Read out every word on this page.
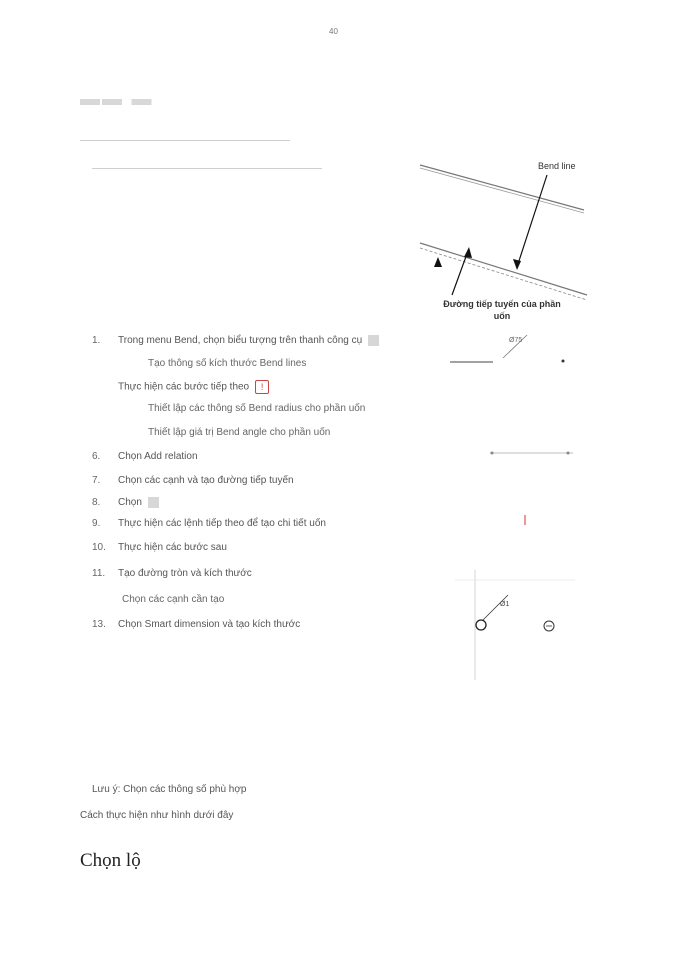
40
▬▬ ▬
Bend line
Đường tiếp tuyến của phần
uốn
1. Trong menu Bend, chọn biểu tượng trên thanh công cụ
Tạo thông số kích thước Bend lines
Thực hiện các bước tiếp theo !
Thiết lập các thông số Bend radius cho phần uốn
Thiết lập giá trị Bend angle cho phần uốn
6. Chọn Add relation
7. Chọn các cạnh và tạo đường tiếp tuyến
8. Chọn
9. Thực hiện các lệnh tiếp theo để tạo chi tiết uốn
10. Thực hiện các bước sau
11. Tạo đường tròn và kích thước
Chọn các cạnh cần tạo
13. Chọn Smart dimension và tạo kích thước
Ø75
Ø1
Lưu ý: Chọn các thông số phù hợp
Cách thực hiện như hình dưới đây
Chọn lộ
